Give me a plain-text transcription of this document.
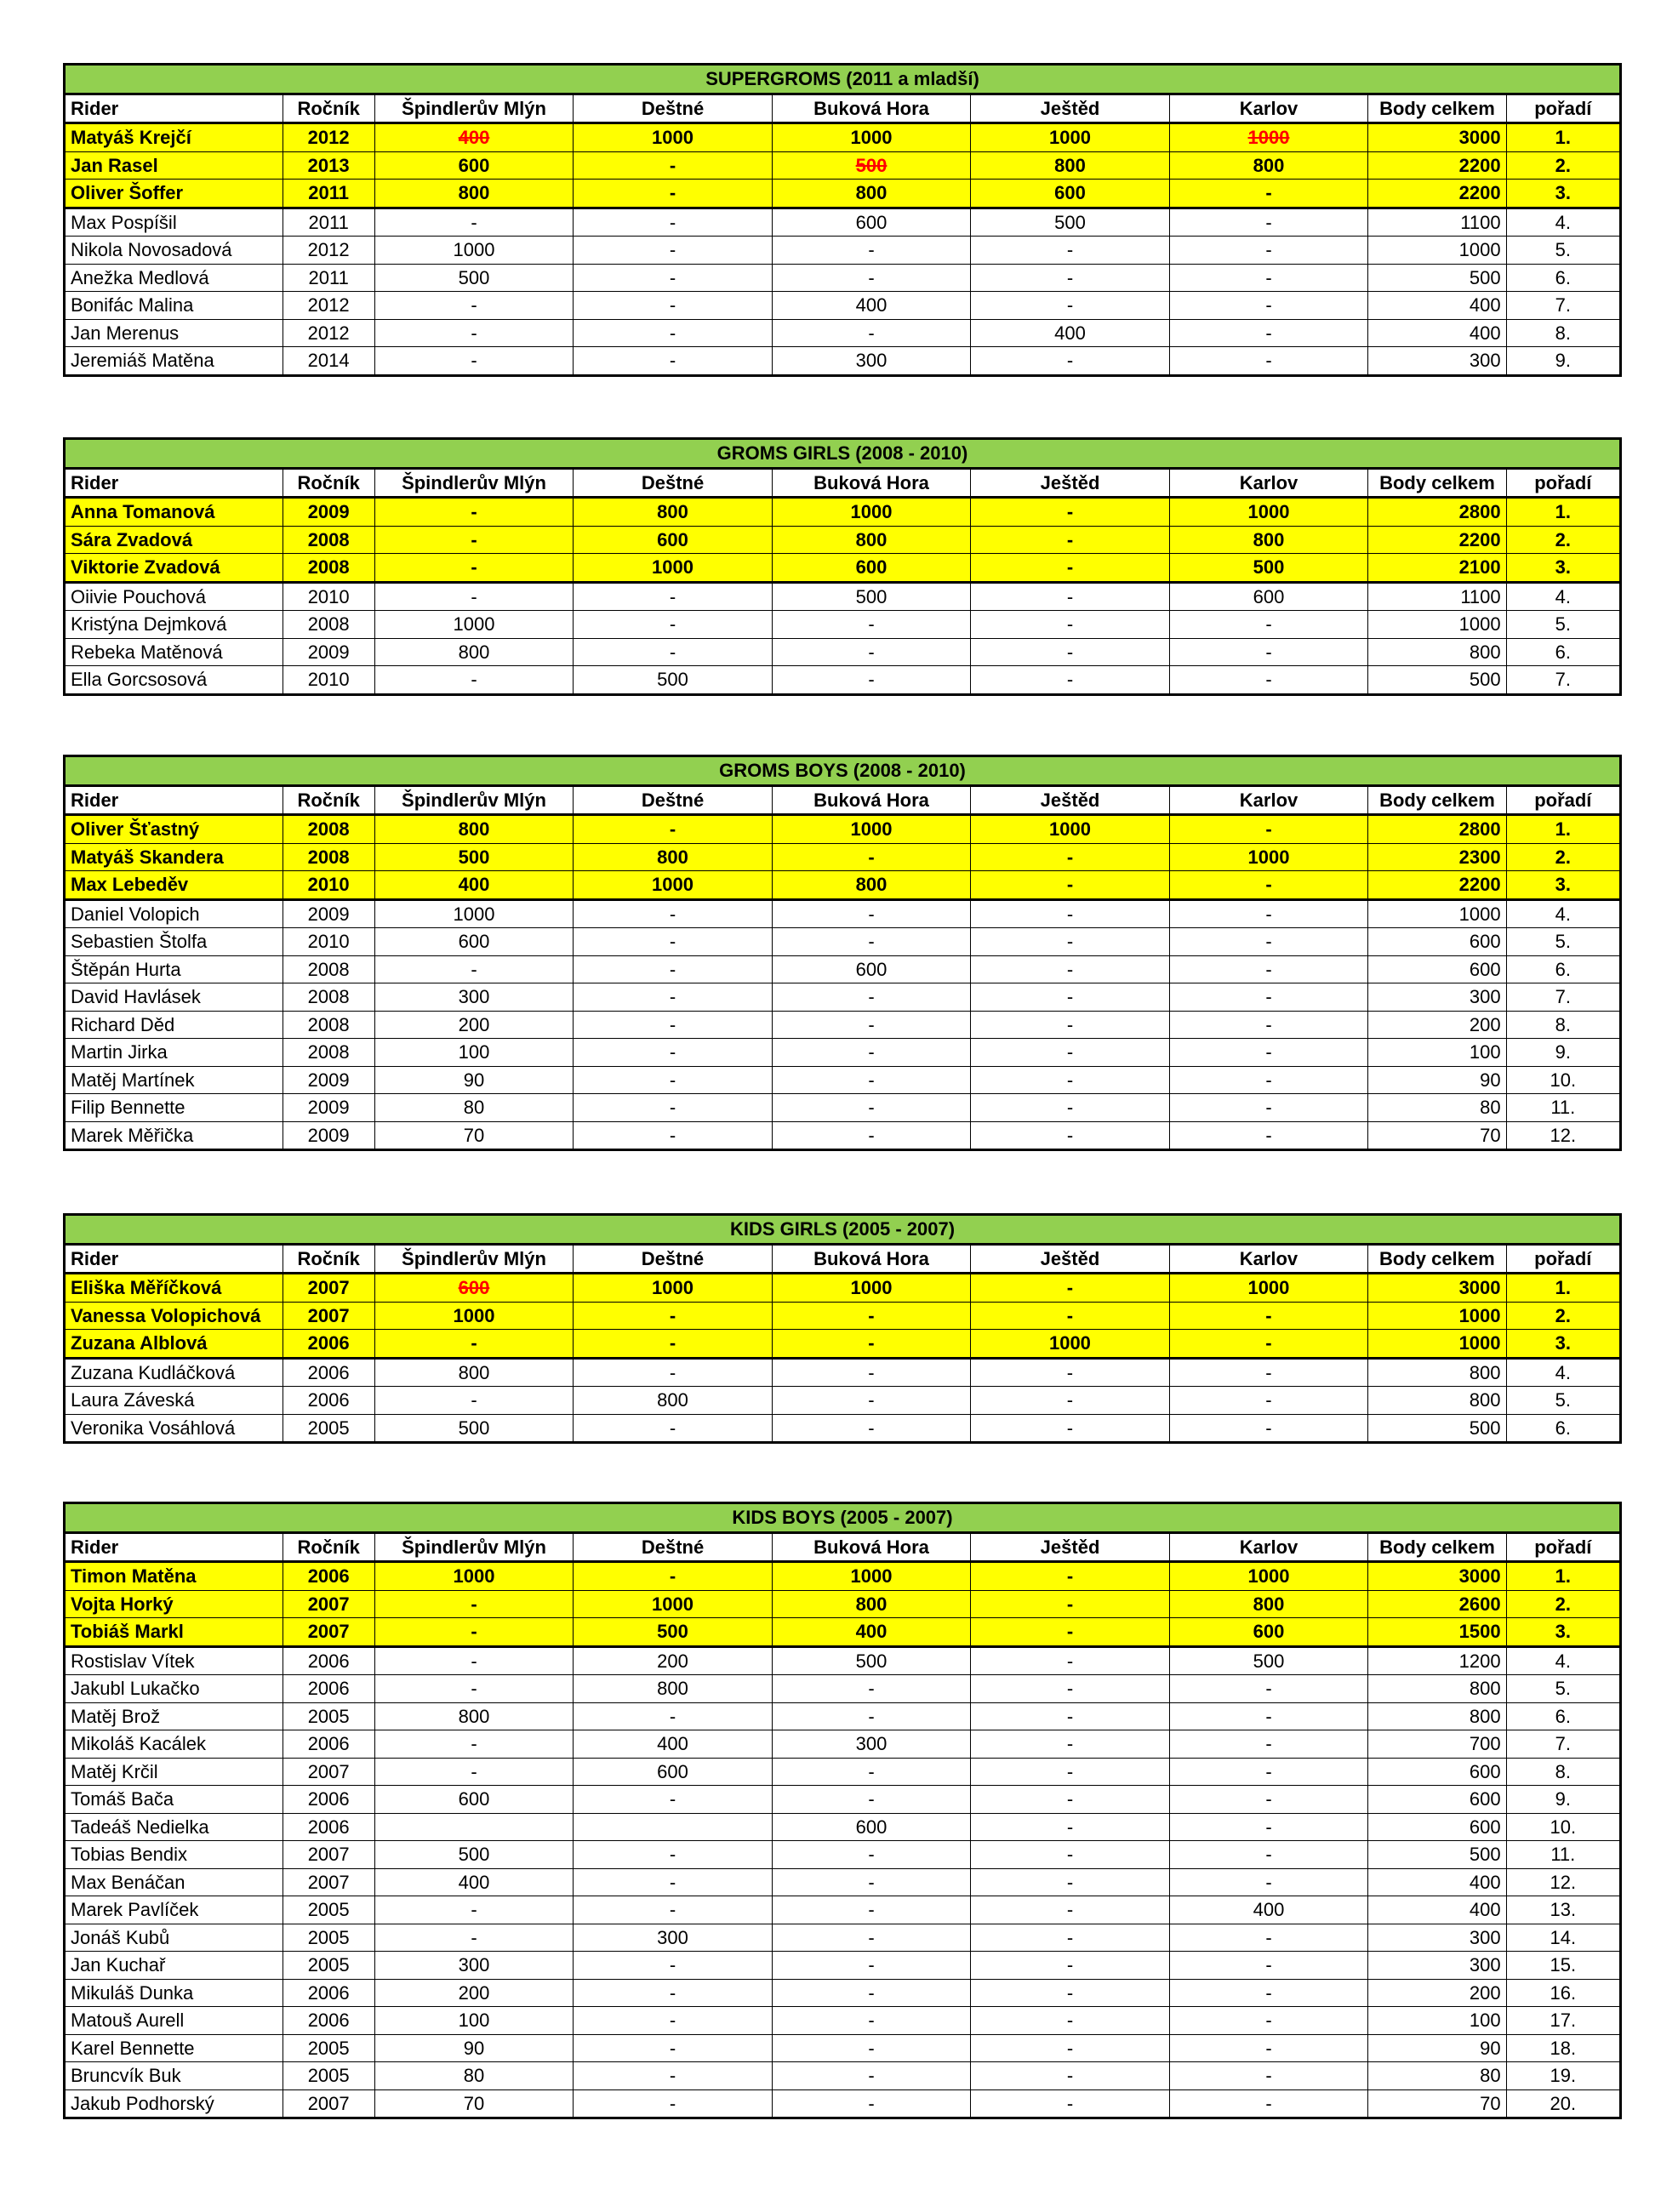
SUPERGROMS (2011 a mladší)								
Rider	Ročník	Špindlerův Mlýn	Deštné	Buková Hora	Ještěd	Karlov	Body celkem	pořadí
Matyáš Krejčí	2012	400	1000	1000	1000	1000	3000	1.
Jan Rasel	2013	600	-	500	800	800	2200	2.
Oliver Šoffer	2011	800	-	800	600	-	2200	3.
Max Pospíšil	2011	-	-	600	500	-	1100	4.
Nikola Novosadová	2012	1000	-	-	-	-	1000	5.
Anežka Medlová	2011	500	-	-	-	-	500	6.
Bonifác Malina	2012	-	-	400	-	-	400	7.
Jan Merenus	2012	-	-	-	400	-	400	8.
Jeremiáš Matěna	2014	-	-	300	-	-	300	9.
GROMS GIRLS (2008 - 2010)								
Rider	Ročník	Špindlerův Mlýn	Deštné	Buková Hora	Ještěd	Karlov	Body celkem	pořadí
Anna Tomanová	2009	-	800	1000	-	1000	2800	1.
Sára Zvadová	2008	-	600	800	-	800	2200	2.
Viktorie Zvadová	2008	-	1000	600	-	500	2100	3.
Oiivie Pouchová	2010	-	-	500	-	600	1100	4.
Kristýna Dejmková	2008	1000	-	-	-	-	1000	5.
Rebeka Matěnová	2009	800	-	-	-	-	800	6.
Ella Gorcsosová	2010	-	500	-	-	-	500	7.
GROMS BOYS (2008 - 2010)								
Rider	Ročník	Špindlerův Mlýn	Deštné	Buková Hora	Ještěd	Karlov	Body celkem	pořadí
Oliver Šťastný	2008	800	-	1000	1000	-	2800	1.
Matyáš Skandera	2008	500	800	-	-	1000	2300	2.
Max Lebeděv	2010	400	1000	800	-	-	2200	3.
Daniel Volopich	2009	1000	-	-	-	-	1000	4.
Sebastien Štolfa	2010	600	-	-	-	-	600	5.
Štěpán Hurta	2008	-	-	600	-	-	600	6.
David Havlásek	2008	300	-	-	-	-	300	7.
Richard Děd	2008	200	-	-	-	-	200	8.
Martin Jirka	2008	100	-	-	-	-	100	9.
Matěj Martínek	2009	90	-	-	-	-	90	10.
Filip Bennette	2009	80	-	-	-	-	80	11.
Marek Měřička	2009	70	-	-	-	-	70	12.
KIDS GIRLS (2005 - 2007)								
Rider	Ročník	Špindlerův Mlýn	Deštné	Buková Hora	Ještěd	Karlov	Body celkem	pořadí
Eliška Měříčková	2007	600	1000	1000	-	1000	3000	1.
Vanessa Volopichová	2007	1000	-	-	-	-	1000	2.
Zuzana Alblová	2006	-	-	-	1000	-	1000	3.
Zuzana Kudláčková	2006	800	-	-	-	-	800	4.
Laura Záveská	2006	-	800	-	-	-	800	5.
Veronika Vosáhlová	2005	500	-	-	-	-	500	6.
KIDS BOYS (2005 - 2007)								
Rider	Ročník	Špindlerův Mlýn	Deštné	Buková Hora	Ještěd	Karlov	Body celkem	pořadí
Timon Matěna	2006	1000	-	1000	-	1000	3000	1.
Vojta Horký	2007	-	1000	800	-	800	2600	2.
Tobiáš Markl	2007	-	500	400	-	600	1500	3.
Rostislav Vítek	2006	-	200	500	-	500	1200	4.
Jakubl Lukačko	2006	-	800	-	-	-	800	5.
Matěj Brož	2005	800	-	-	-	-	800	6.
Mikoláš Kacálek	2006	-	400	300	-	-	700	7.
Matěj Krčil	2007	-	600	-	-	-	600	8.
Tomáš Bača	2006	600	-	-	-	-	600	9.
Tadeáš Nedielka	2006			600	-	-	600	10.
Tobias Bendix	2007	500	-	-	-	-	500	11.
Max Benáčan	2007	400	-	-	-	-	400	12.
Marek Pavlíček	2005	-	-	-	-	400	400	13.
Jonáš Kubů	2005	-	300	-	-	-	300	14.
Jan Kuchař	2005	300	-	-	-	-	300	15.
Mikuláš Dunka	2006	200	-	-	-	-	200	16.
Matouš Aurell	2006	100	-	-	-	-	100	17.
Karel Bennette	2005	90	-	-	-	-	90	18.
Bruncvík Buk	2005	80	-	-	-	-	80	19.
Jakub Podhorský	2007	70	-	-	-	-	70	20.
